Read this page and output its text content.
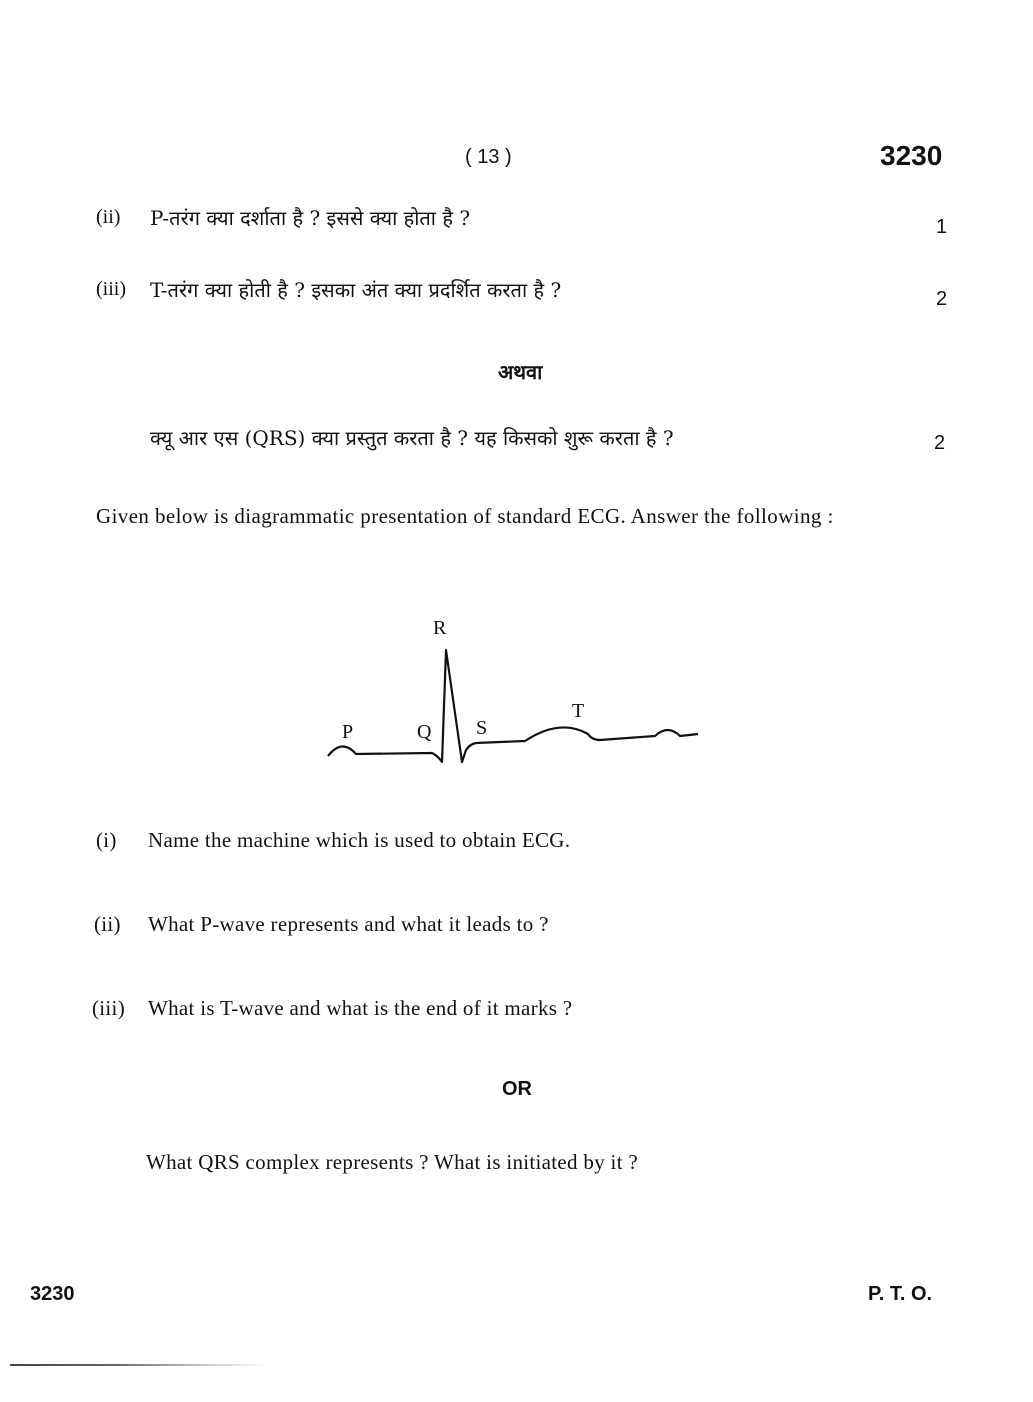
( 13 )	3230
(ii) P-तरंग क्या दर्शाता है ? इससे क्या होता है ?	1
(iii) T-तरंग क्या होती है ? इसका अंत क्या प्रदर्शित करता है ?	2
अथवा
क्यू आर एस (QRS) क्या प्रस्तुत करता है ? यह किसको शुरू करता है ?	2
Given below is diagrammatic presentation of standard ECG. Answer the following :
R
P	Q S
T
(i) Name the machine which is used to obtain ECG.
(ii) What P-wave represents and what it leads to ?
(iii) What is T-wave and what is the end of it marks ?
OR
What QRS complex represents ? What is initiated by it ?
3230	P. T. O.
